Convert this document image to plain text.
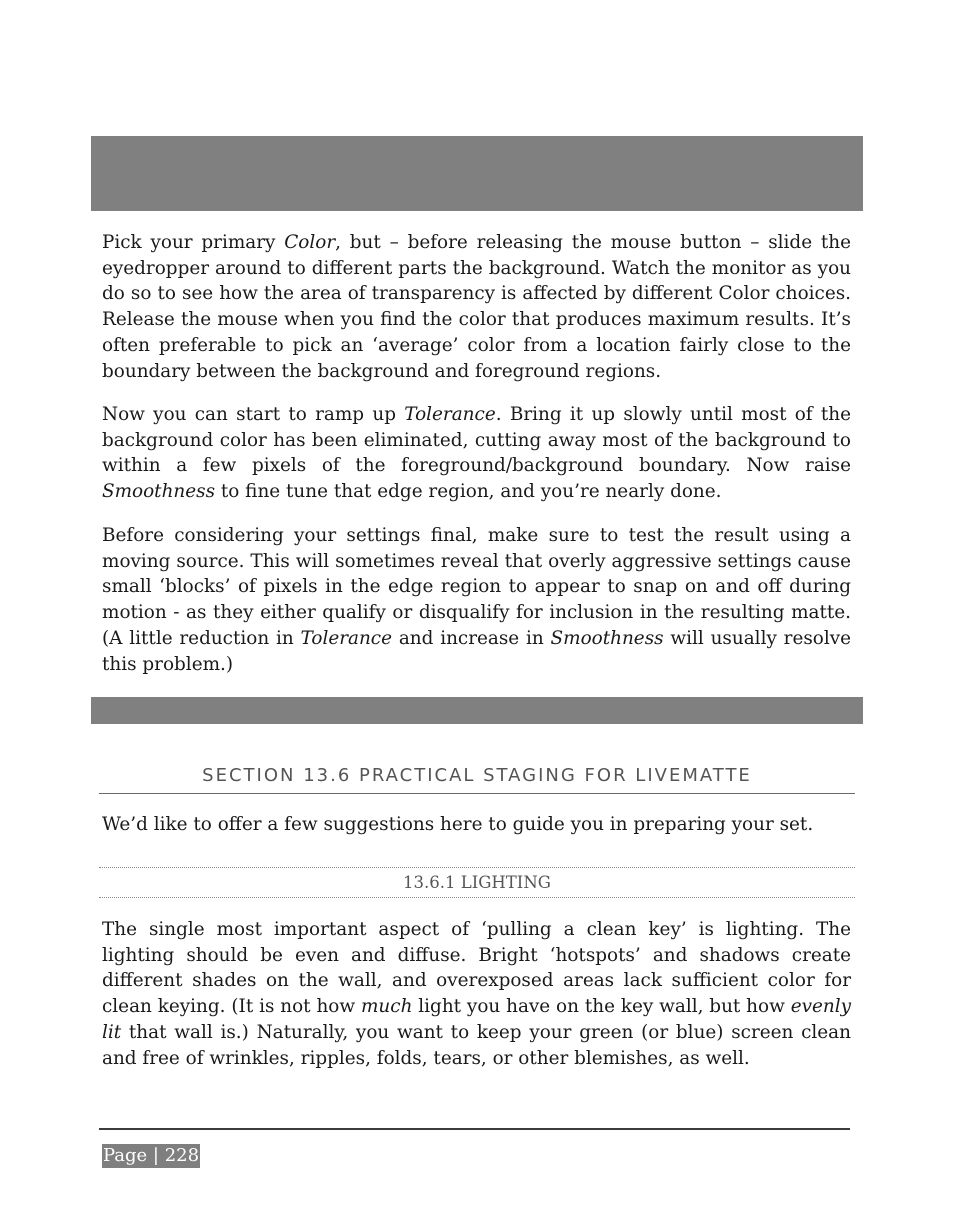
Pick your primary Color, but – before releasing the mouse button – slide the eyedropper around to different parts the background. Watch the monitor as you do so to see how the area of transparency is affected by different Color choices. Release the mouse when you find the color that produces maximum results. It’s often preferable to pick an ‘average’ color from a location fairly close to the boundary between the background and foreground regions.

Now you can start to ramp up Tolerance. Bring it up slowly until most of the background color has been eliminated, cutting away most of the background to within a few pixels of the foreground/background boundary. Now raise Smoothness to fine tune that edge region, and you’re nearly done.

Before considering your settings final, make sure to test the result using a moving source. This will sometimes reveal that overly aggressive settings cause small ‘blocks’ of pixels in the edge region to appear to snap on and off during motion - as they either qualify or disqualify for inclusion in the resulting matte. (A little reduction in Tolerance and increase in Smoothness will usually resolve this problem.)

SECTION 13.6 PRACTICAL STAGING FOR LIVEMATTE

We’d like to offer a few suggestions here to guide you in preparing your set.

13.6.1 LIGHTING

The single most important aspect of ‘pulling a clean key’ is lighting. The lighting should be even and diffuse. Bright ‘hotspots’ and shadows create different shades on the wall, and overexposed areas lack sufficient color for clean keying. (It is not how much light you have on the key wall, but how evenly lit that wall is.) Naturally, you want to keep your green (or blue) screen clean and free of wrinkles, ripples, folds, tears, or other blemishes, as well.

Page | 228
